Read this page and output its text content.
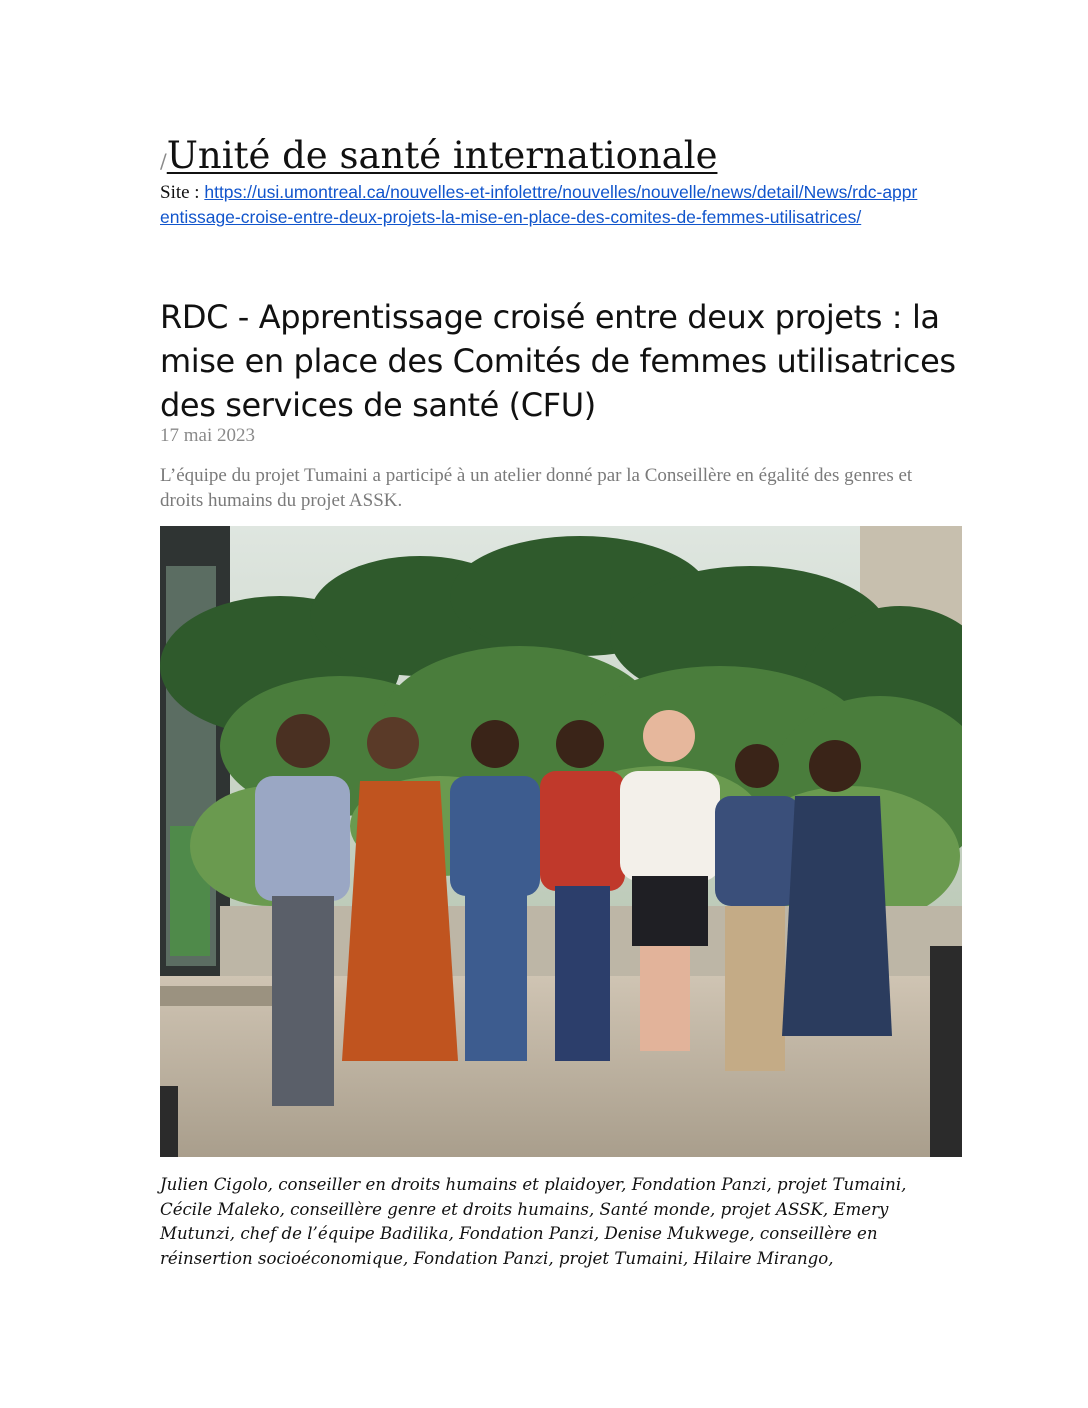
/Unité de santé internationale
Site : https://usi.umontreal.ca/nouvelles-et-infolettre/nouvelles/nouvelle/news/detail/News/rdc-apprentissage-croise-entre-deux-projets-la-mise-en-place-des-comites-de-femmes-utilisatrices/
RDC - Apprentissage croisé entre deux projets : la mise en place des Comités de femmes utilisatrices des services de santé (CFU)
17 mai 2023
L’équipe du projet Tumaini a participé à un atelier donné par la Conseillère en égalité des genres et droits humains du projet ASSK.
Julien Cigolo, conseiller en droits humains et plaidoyer, Fondation Panzi, projet Tumaini, Cécile Maleko, conseillère genre et droits humains, Santé monde, projet ASSK, Emery Mutunzi, chef de l’équipe Badilika, Fondation Panzi, Denise Mukwege, conseillère en réinsertion socioéconomique, Fondation Panzi, projet Tumaini, Hilaire Mirango,
